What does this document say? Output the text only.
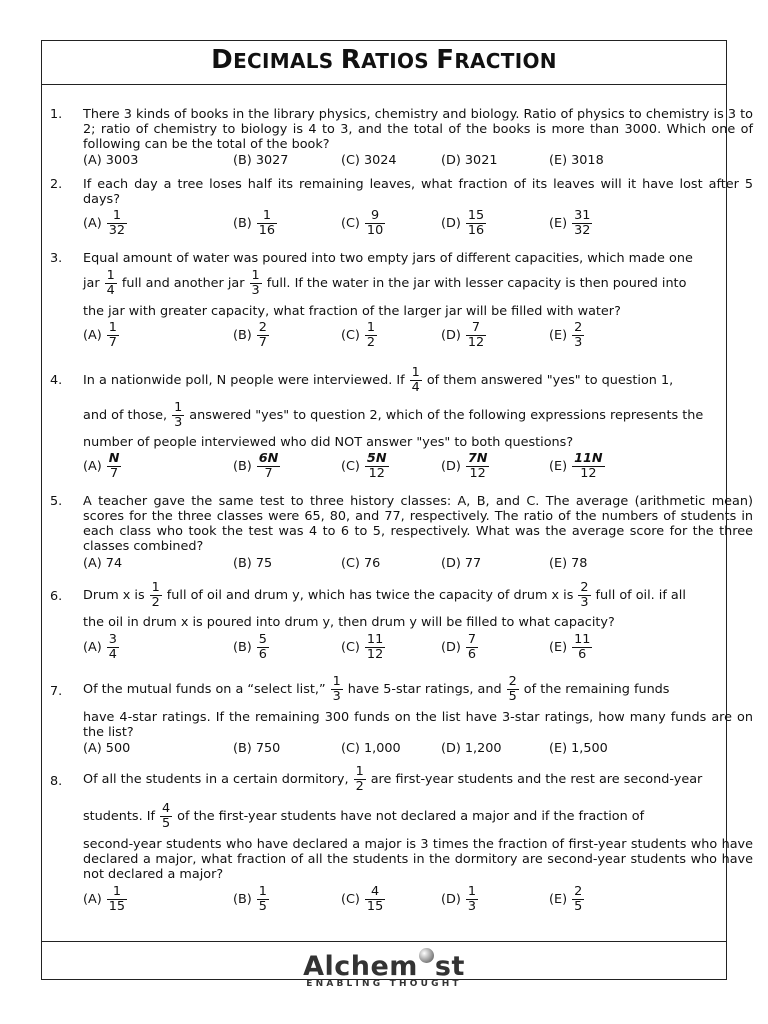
DECIMALS RATIOS FRACTION
1. There 3 kinds of books in the library physics, chemistry and biology. Ratio of physics to chemistry is 3 to 2; ratio of chemistry to biology is 4 to 3, and the total of the books is more than 3000. Which one of following can be the total of the book?
(A) 3003	(B) 3027	(C) 3024	(D) 3021	(E) 3018
2. If each day a tree loses half its remaining leaves, what fraction of its leaves will it have lost after 5 days?
$(A) \frac{1}{32}$	$(B) \frac{1}{16}$	$(C) \frac{9}{10}$	$(D) \frac{15}{16}$	$(E) \frac{31}{32}$
3. Equal amount of water was poured into two empty jars of different capacities, which made one
jar $\frac{1}{4}$ full and another jar $\frac{1}{3}$ full. If the water in the jar with lesser capacity is then poured into
the jar with greater capacity, what fraction of the larger jar will be filled with water?
$(A) \frac{1}{7}$	$(B) \frac{2}{7}$	$(C) \frac{1}{2}$	$(D) \frac{7}{12}$	$(E) \frac{2}{3}$
4. In a nationwide poll, N people were interviewed. If $\frac{1}{4}$ of them answered "yes" to question 1,
and of those, $\frac{1}{3}$ answered "yes" to question 2, which of the following expressions represents the
number of people interviewed who did NOT answer "yes" to both questions?
$(A) \frac{N}{7}$	$(B) \frac{6N}{7}$	$(C) \frac{5N}{12}$	$(D) \frac{7N}{12}$	$(E) \frac{11N}{12}$
5. A teacher gave the same test to three history classes: A, B, and C. The average (arithmetic mean) scores for the three classes were 65, 80, and 77, respectively. The ratio of the numbers of students in each class who took the test was 4 to 6 to 5, respectively. What was the average score for the three classes combined?
(A) 74	(B) 75	(C) 76	(D) 77	(E) 78
6. Drum x is $\frac{1}{2}$ full of oil and drum y, which has twice the capacity of drum x is $\frac{2}{3}$ full of oil. if all
the oil in drum x is poured into drum y, then drum y will be filled to what capacity?
$(A) \frac{3}{4}$	$(B) \frac{5}{6}$	$(C) \frac{11}{12}$	$(D) \frac{7}{6}$	$(E) \frac{11}{6}$
7. Of the mutual funds on a “select list,” $\frac{1}{3}$ have 5-star ratings, and $\frac{2}{5}$ of the remaining funds
have 4-star ratings. If the remaining 300 funds on the list have 3-star ratings, how many funds are on the list?
(A) 500	(B) 750	(C) 1,000	(D) 1,200	(E) 1,500
8. Of all the students in a certain dormitory, $\frac{1}{2}$ are first-year students and the rest are second-year
students. If $\frac{4}{5}$ of the first-year students have not declared a major and if the fraction of
second-year students who have declared a major is 3 times the fraction of first-year students who have declared a major, what fraction of all the students in the dormitory are second-year students who have not declared a major?
$(A) \frac{1}{15}$	$(B) \frac{1}{5}$	$(C) \frac{4}{15}$	$(D) \frac{1}{3}$	$(E) \frac{2}{5}$
Alchem st
ENABLING THOUGHT
